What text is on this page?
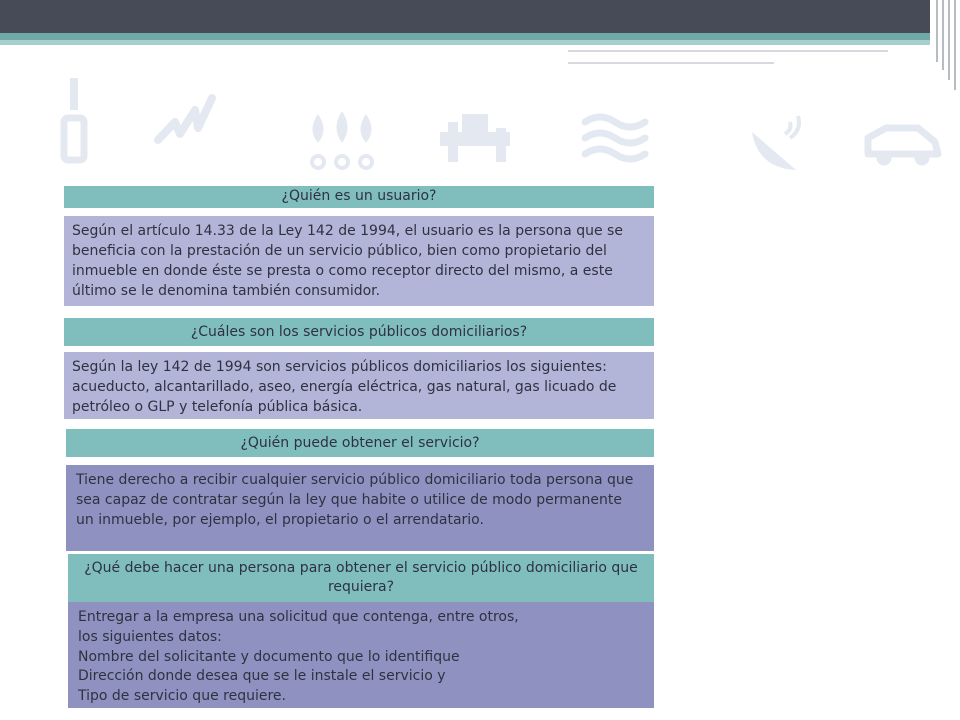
¿Quién es un usuario?
Según el artículo 14.33 de la Ley 142 de 1994, el usuario es la persona que se beneficia con la prestación de un servicio público, bien como propietario del inmueble en donde éste se presta o como receptor directo del mismo, a este último se le denomina también consumidor.
¿Cuáles son los servicios públicos domiciliarios?
Según la ley 142 de 1994 son servicios públicos domiciliarios los siguientes: acueducto, alcantarillado, aseo, energía eléctrica, gas natural, gas licuado de petróleo o GLP y telefonía pública básica.
¿Quién puede obtener el servicio?
Tiene derecho a recibir cualquier servicio público domiciliario toda persona que sea capaz de contratar según la ley que habite o utilice de modo permanente un inmueble, por ejemplo, el propietario o el arrendatario.
¿Qué debe hacer una persona para obtener el servicio público domiciliario que requiera?

Entregar a la empresa una solicitud que contenga, entre otros, los siguientes datos:

Nombre del solicitante y documento que lo identifique

Dirección donde desea que se le instale el servicio y

Tipo de servicio que requiere.
